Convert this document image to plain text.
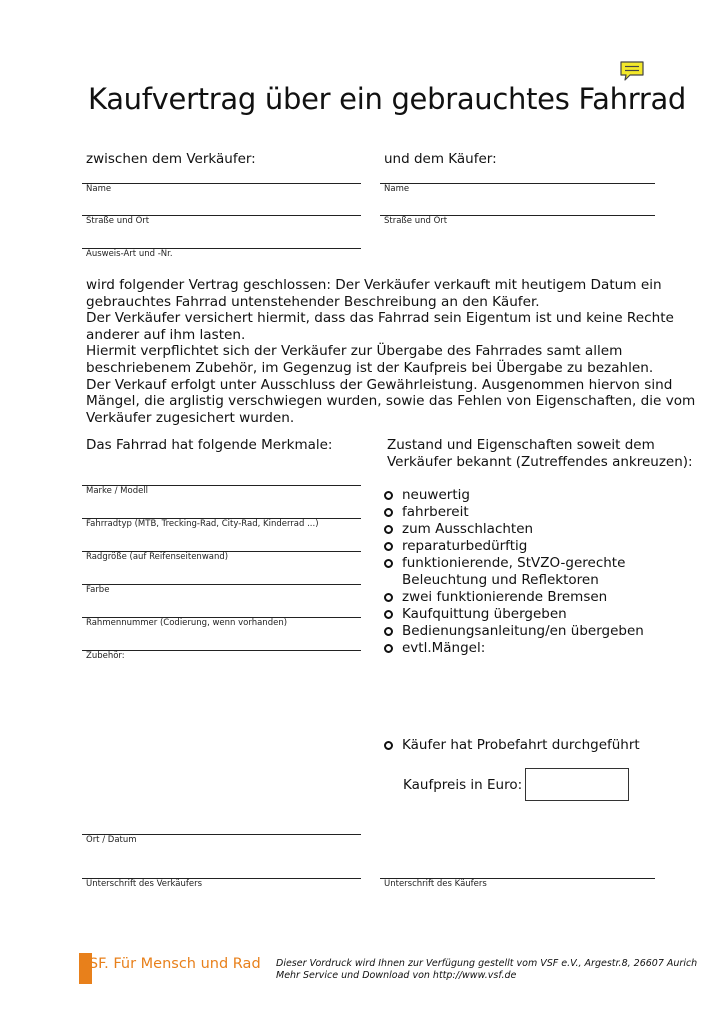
Kaufvertrag über ein gebrauchtes Fahrrad
zwischen dem Verkäufer:	und dem Käufer:
Name	Name
Straße und Ort	Straße und Ort
Ausweis-Art und -Nr.
wird folgender Vertrag geschlossen: Der Verkäufer verkauft mit heutigem Datum ein
gebrauchtes Fahrrad untenstehender Beschreibung an den Käufer.
Der Verkäufer versichert hiermit, dass das Fahrrad sein Eigentum ist und keine Rechte
anderer auf ihm lasten.
Hiermit verpflichtet sich der Verkäufer zur Übergabe des Fahrrades samt allem
beschriebenem Zubehör, im Gegenzug ist der Kaufpreis bei Übergabe zu bezahlen.
Der Verkauf erfolgt unter Ausschluss der Gewährleistung. Ausgenommen hiervon sind
Mängel, die arglistig verschwiegen wurden, sowie das Fehlen von Eigenschaften, die vom
Verkäufer zugesichert wurden.
Das Fahrrad hat folgende Merkmale:
Marke / Modell
Fahrradtyp (MTB, Trecking-Rad, City-Rad, Kinderrad ...)
Radgröße (auf Reifenseitenwand)
Farbe
Rahmennummer (Codierung, wenn vorhanden)
Zubehör:
Zustand und Eigenschaften soweit dem
Verkäufer bekannt (Zutreffendes ankreuzen):
neuwertig
fahrbereit
zum Ausschlachten
reparaturbedürftig
funktionierende, StVZO-gerechte
Beleuchtung und Reflektoren
zwei funktionierende Bremsen
Kaufquittung übergeben
Bedienungsanleitung/en übergeben
evtl.Mängel:
Käufer hat Probefahrt durchgeführt
Kaufpreis in Euro:
Ort / Datum
Unterschrift des Verkäufers	Unterschrift des Käufers
VSF. Für Mensch und Rad Dieser Vordruck wird Ihnen zur Verfügung gestellt vom VSF e.V., Argestr.8, 26607 Aurich
Mehr Service und Download von http://www.vsf.de
